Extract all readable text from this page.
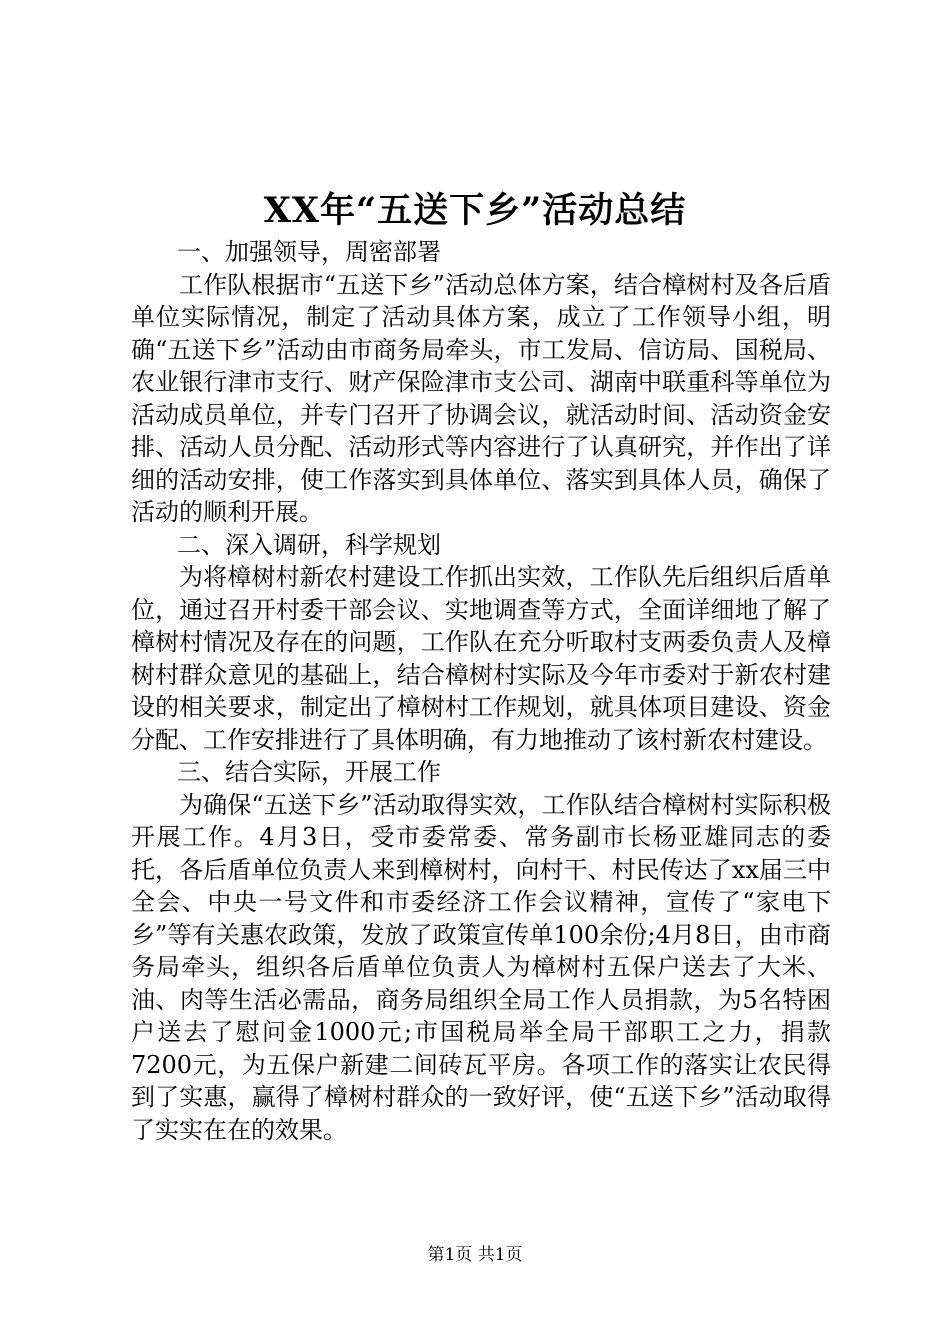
XX年“五送下乡”活动总结

一、加强领导，周密部署

工作队根据市“五送下乡”活动总体方案，结合樟树村及各后盾单位实际情况，制定了活动具体方案，成立了工作领导小组，明确“五送下乡”活动由市商务局牵头，市工发局、信访局、国税局、农业银行津市支行、财产保险津市支公司、湖南中联重科等单位为活动成员单位，并专门召开了协调会议，就活动时间、活动资金安排、活动人员分配、活动形式等内容进行了认真研究，并作出了详细的活动安排，使工作落实到具体单位、落实到具体人员，确保了活动的顺利开展。

二、深入调研，科学规划

为将樟树村新农村建设工作抓出实效，工作队先后组织后盾单位，通过召开村委干部会议、实地调查等方式，全面详细地了解了樟树村情况及存在的问题，工作队在充分听取村支两委负责人及樟树村群众意见的基础上，结合樟树村实际及今年市委对于新农村建设的相关要求，制定出了樟树村工作规划，就具体项目建设、资金分配、工作安排进行了具体明确，有力地推动了该村新农村建设。

三、结合实际，开展工作

为确保“五送下乡”活动取得实效，工作队结合樟树村实际积极开展工作。4月3日，受市委常委、常务副市长杨亚雄同志的委托，各后盾单位负责人来到樟树村，向村干、村民传达了xx届三中全会、中央一号文件和市委经济工作会议精神，宣传了“家电下乡”等有关惠农政策，发放了政策宣传单100余份;4月8日，由市商务局牵头，组织各后盾单位负责人为樟树村五保户送去了大米、油、肉等生活必需品，商务局组织全局工作人员捐款，为5名特困户送去了慰问金1000元;市国税局举全局干部职工之力，捐款7200元，为五保户新建二间砖瓦平房。各项工作的落实让农民得到了实惠，赢得了樟树村群众的一致好评，使“五送下乡”活动取得了实实在在的效果。

第1页 共1页
